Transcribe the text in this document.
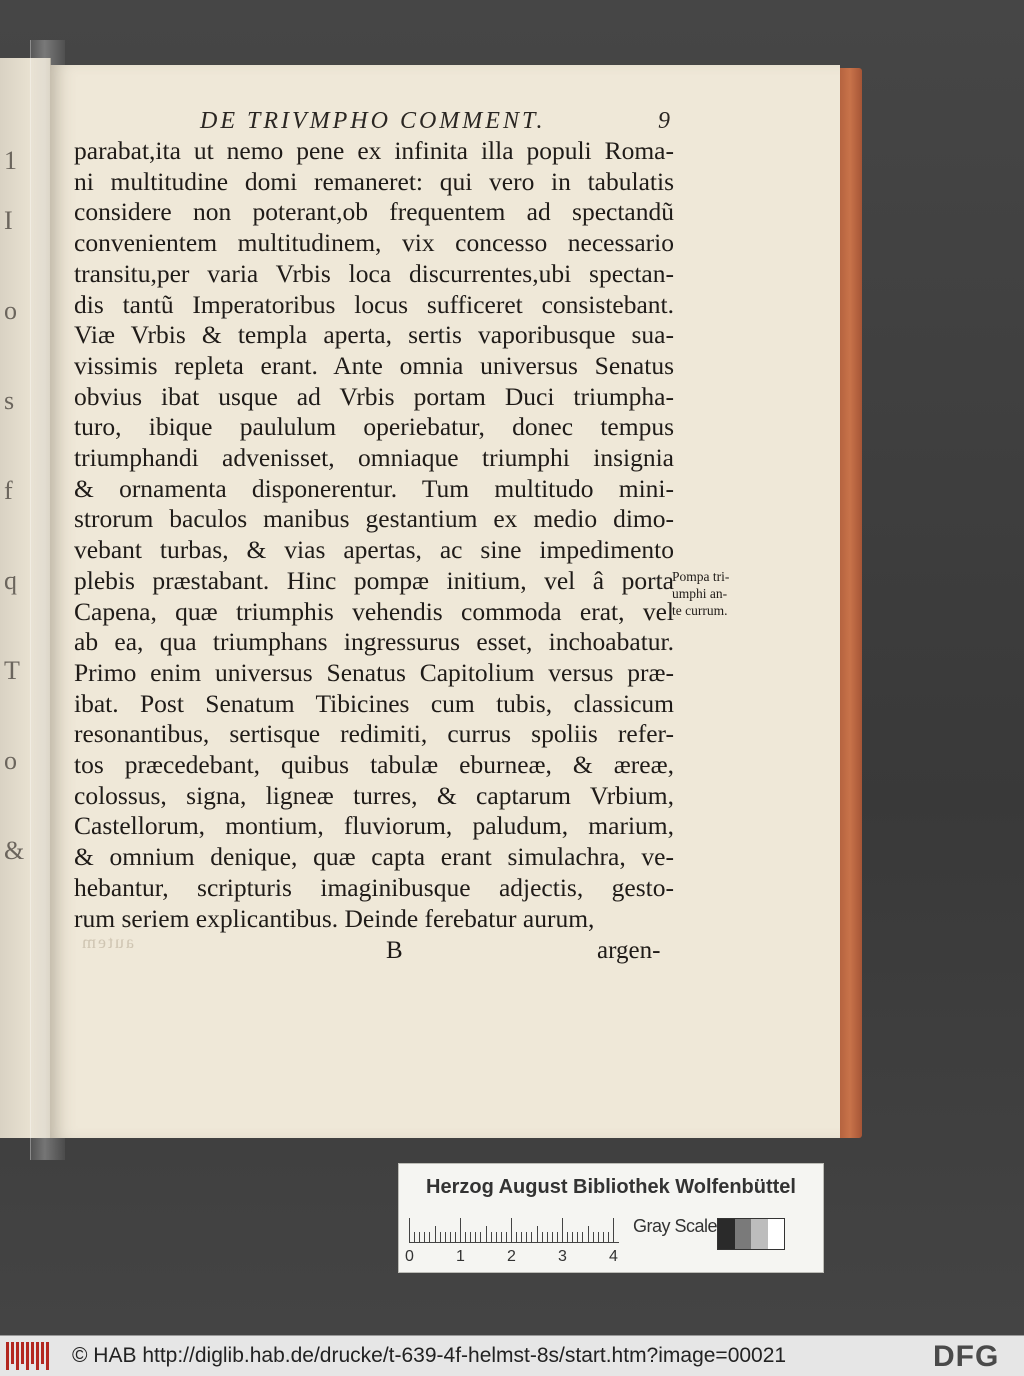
1
I
o
s
f
q
T
o
&
DE TRIVMPHO COMMENT.	9
parabat,ita ut nemo pene ex infinita illa populi Roma-
ni multitudine domi remaneret: qui vero in tabulatis
considere non poterant,ob frequentem ad spectandũ
convenientem multitudinem, vix concesso necessario
transitu,per varia Vrbis loca discurrentes,ubi spectan-
dis tantũ Imperatoribus locus sufficeret consistebant.
Viæ Vrbis & templa aperta, sertis vaporibusque sua-
vissimis repleta erant. Ante omnia universus Senatus
obvius ibat usque ad Vrbis portam Duci triumpha-
turo, ibique paululum operiebatur, donec tempus
triumphandi advenisset, omniaque triumphi insignia
& ornamenta disponerentur. Tum multitudo mini-
strorum baculos manibus gestantium ex medio dimo-
vebant turbas, & vias apertas, ac sine impedimento
plebis præstabant. Hinc pompæ initium, vel â porta
Capena, quæ triumphis vehendis commoda erat, vel
ab ea, qua triumphans ingressurus esset, inchoabatur.
Primo enim universus Senatus Capitolium versus præ-
ibat. Post Senatum Tibicines cum tubis, classicum
resonantibus, sertisque redimiti, currus spoliis refer-
tos præcedebant, quibus tabulæ eburneæ, & æreæ,
colossus, signa, ligneæ turres, & captarum Vrbium,
Castellorum, montium, fluviorum, paludum, marium,
& omnium denique, quæ capta erant simulachra, ve-
hebantur, scripturis imaginibusque adjectis, gesto-
rum seriem explicantibus. Deinde ferebatur aurum,
Pompa tri-
umphi an-
te currum.
autem	B	argen-
Herzog August Bibliothek Wolfenbüttel
0	1	2	3	4
Gray Scale
© HAB http://diglib.hab.de/drucke/t-639-4f-helmst-8s/start.htm?image=00021	DFG
